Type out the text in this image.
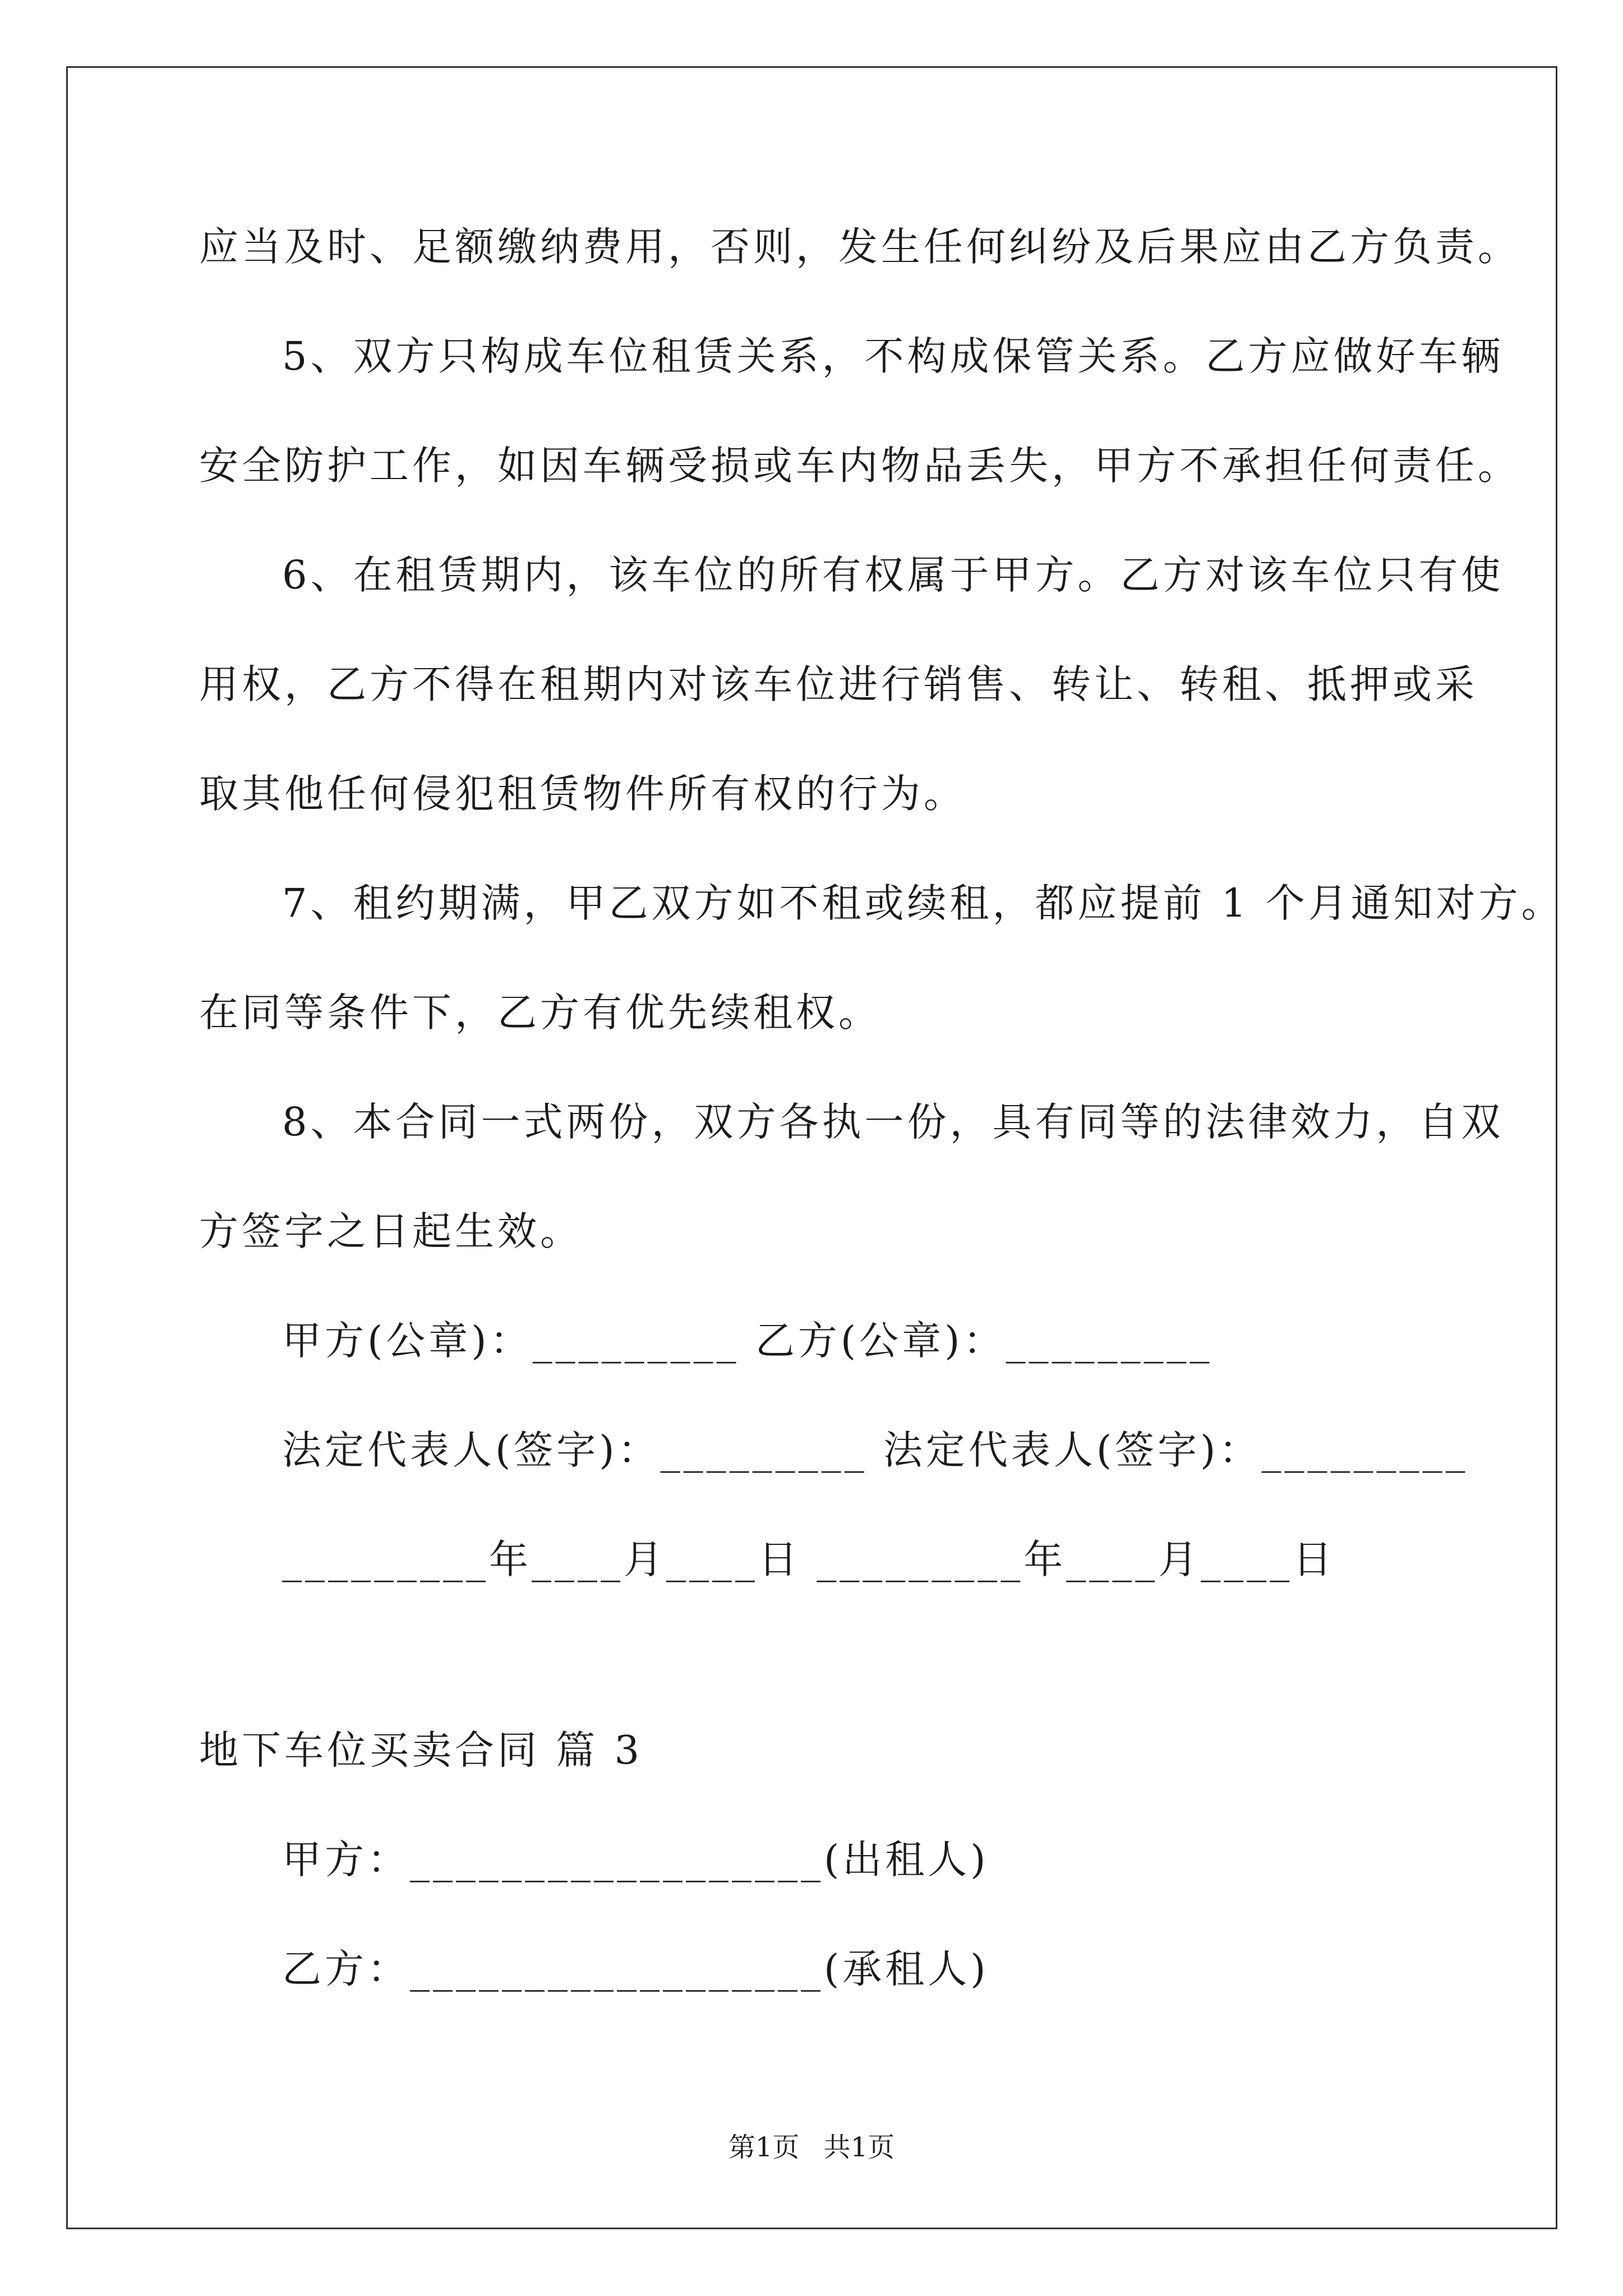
应当及时、足额缴纳费用，否则，发生任何纠纷及后果应由乙方负责。
5、双方只构成车位租赁关系，不构成保管关系。乙方应做好车辆
安全防护工作，如因车辆受损或车内物品丢失，甲方不承担任何责任。
6、在租赁期内，该车位的所有权属于甲方。乙方对该车位只有使
用权，乙方不得在租期内对该车位进行销售、转让、转租、抵押或采
取其他任何侵犯租赁物件所有权的行为。
7、租约期满，甲乙双方如不租或续租，都应提前 1 个月通知对方。
在同等条件下，乙方有优先续租权。
8、本合同一式两份，双方各执一份，具有同等的法律效力，自双
方签字之日起生效。
甲方(公章)：_________ 乙方(公章)：_________
法定代表人(签字)：_________ 法定代表人(签字)：_________
_________年____月____日 _________年____月____日
地下车位买卖合同 篇 3
甲方：__________________(出租人)
乙方：__________________(承租人)
第1页 共1页
